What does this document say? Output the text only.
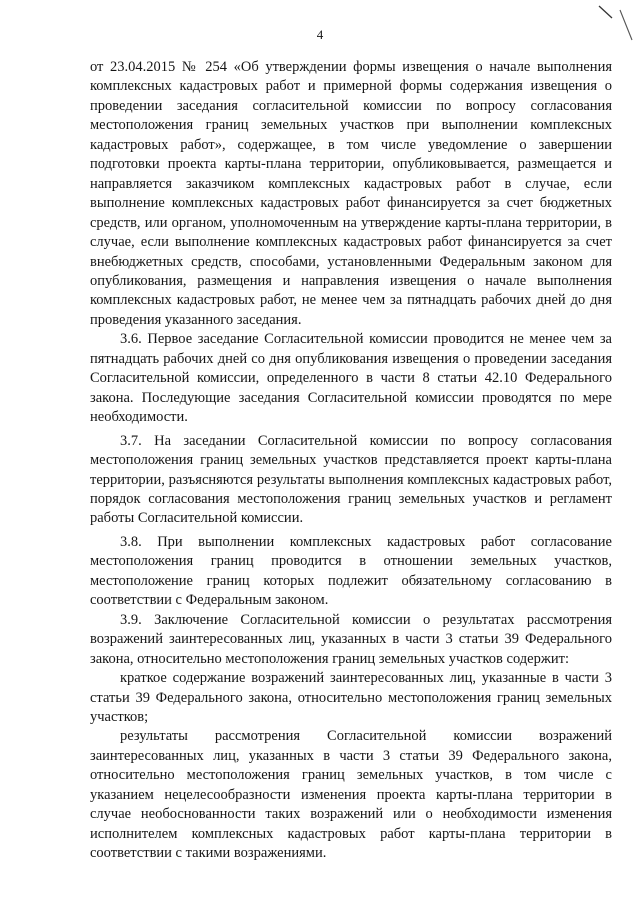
4

от 23.04.2015 № 254 «Об утверждении формы извещения о начале выполнения комплексных кадастровых работ и примерной формы содержания извещения о проведении заседания согласительной комиссии по вопросу согласования местоположения границ земельных участков при выполнении комплексных кадастровых работ», содержащее, в том числе уведомление о завершении подготовки проекта карты-плана территории, опубликовывается, размещается и направляется заказчиком комплексных кадастровых работ в случае, если выполнение комплексных кадастровых работ финансируется за счет бюджетных средств, или органом, уполномоченным на утверждение карты-плана территории, в случае, если выполнение комплексных кадастровых работ финансируется за счет внебюджетных средств, способами, установленными Федеральным законом для опубликования, размещения и направления извещения о начале выполнения комплексных кадастровых работ, не менее чем за пятнадцать рабочих дней до дня проведения указанного заседания.

3.6. Первое заседание Согласительной комиссии проводится не менее чем за пятнадцать рабочих дней со дня опубликования извещения о проведении заседания Согласительной комиссии, определенного в части 8 статьи 42.10 Федерального закона. Последующие заседания Согласительной комиссии проводятся по мере необходимости.

3.7. На заседании Согласительной комиссии по вопросу согласования местоположения границ земельных участков представляется проект карты-плана территории, разъясняются результаты выполнения комплексных кадастровых работ, порядок согласования местоположения границ земельных участков и регламент работы Согласительной комиссии.

3.8. При выполнении комплексных кадастровых работ согласование местоположения границ проводится в отношении земельных участков, местоположение границ которых подлежит обязательному согласованию в соответствии с Федеральным законом.

3.9. Заключение Согласительной комиссии о результатах рассмотрения возражений заинтересованных лиц, указанных в части 3 статьи 39 Федерального закона, относительно местоположения границ земельных участков содержит:

краткое содержание возражений заинтересованных лиц, указанные в части 3 статьи 39 Федерального закона, относительно местоположения границ земельных участков;

результаты рассмотрения Согласительной комиссии возражений заинтересованных лиц, указанных в части 3 статьи 39 Федерального закона, относительно местоположения границ земельных участков, в том числе с указанием нецелесообразности изменения проекта карты-плана территории в случае необоснованности таких возражений или о необходимости изменения исполнителем комплексных кадастровых работ карты-плана территории в соответствии с такими возражениями.
